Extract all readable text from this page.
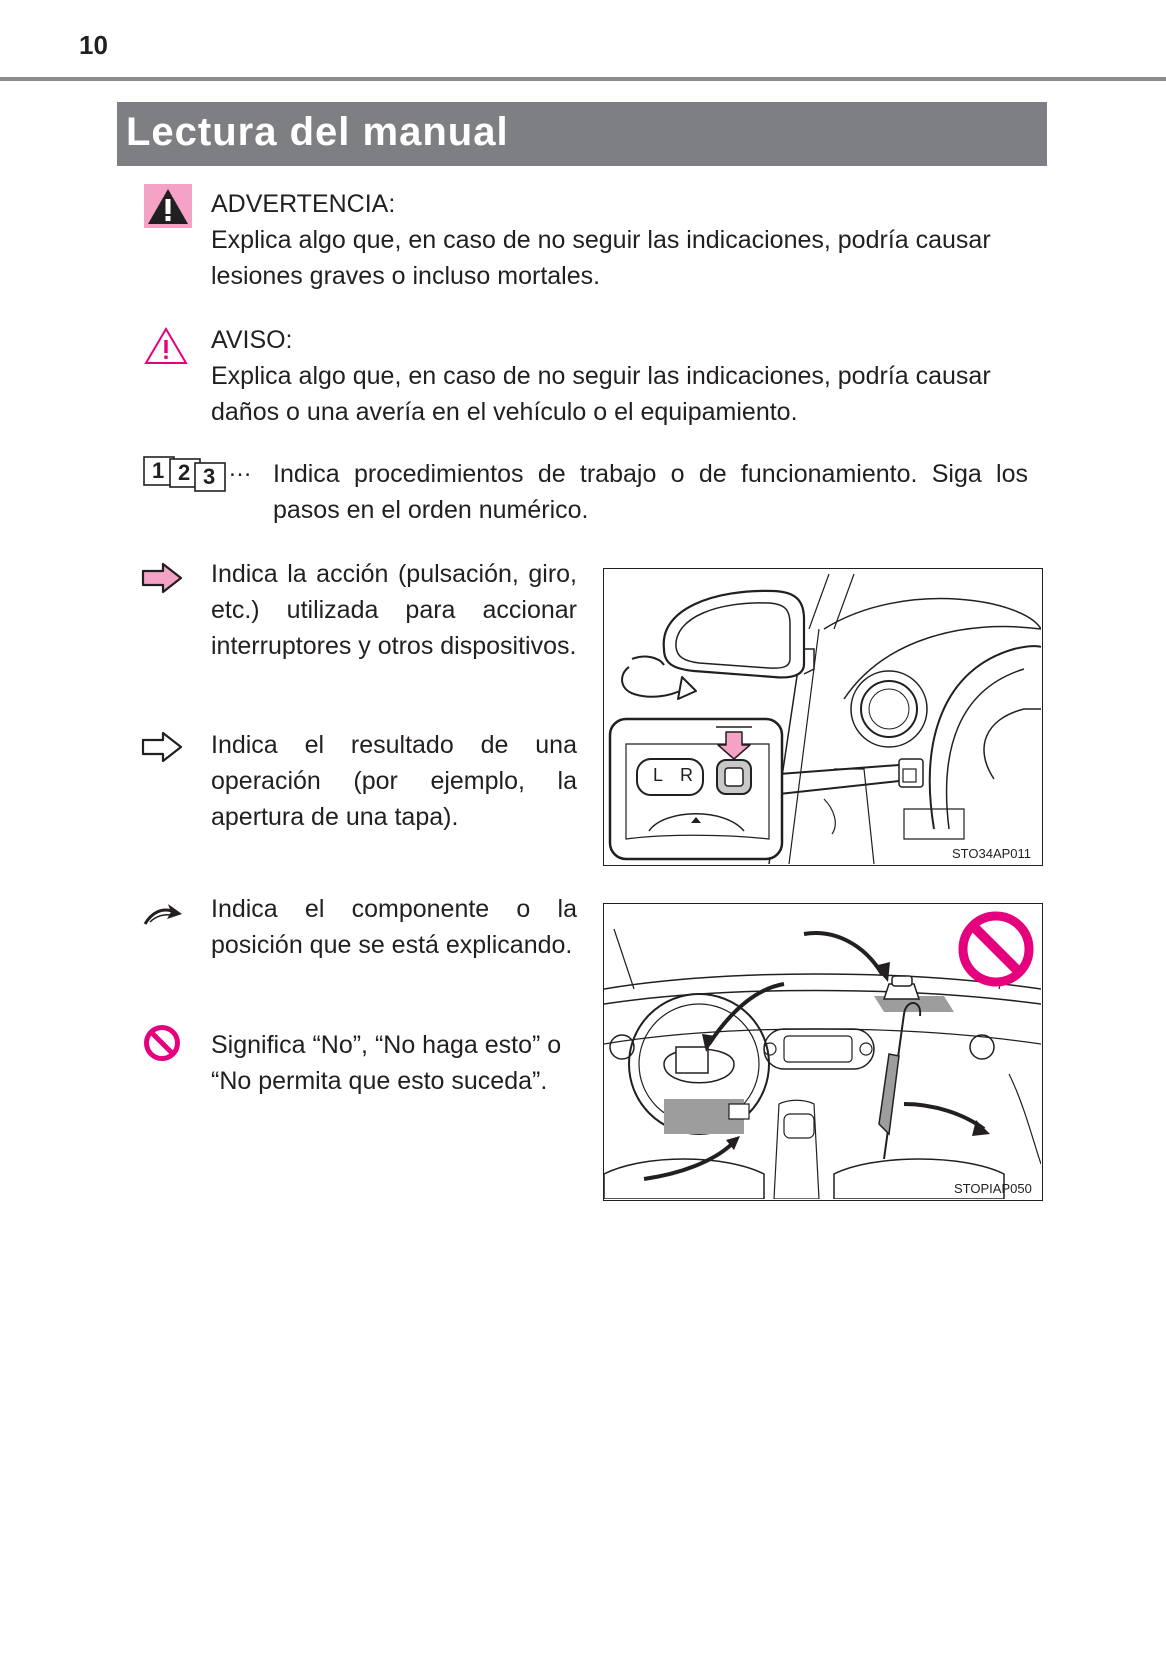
10
Lectura del manual
ADVERTENCIA:
Explica algo que, en caso de no seguir las indicaciones, podría causar lesiones graves o incluso mortales.
AVISO:
Explica algo que, en caso de no seguir las indicaciones, podría causar daños o una avería en el vehículo o el equipamiento.
1 2 3 … Indica procedimientos de trabajo o de funcionamiento. Siga los pasos en el orden numérico.
Indica la acción (pulsación, giro, etc.) utilizada para accionar interruptores y otros dispositivos.
Indica el resultado de una operación (por ejemplo, la apertura de una tapa).
Indica el componente o la posición que se está explicando.
Significa “No”, “No haga esto” o “No permita que esto suceda”.
L R
STO34AP011
STOPIAP050
